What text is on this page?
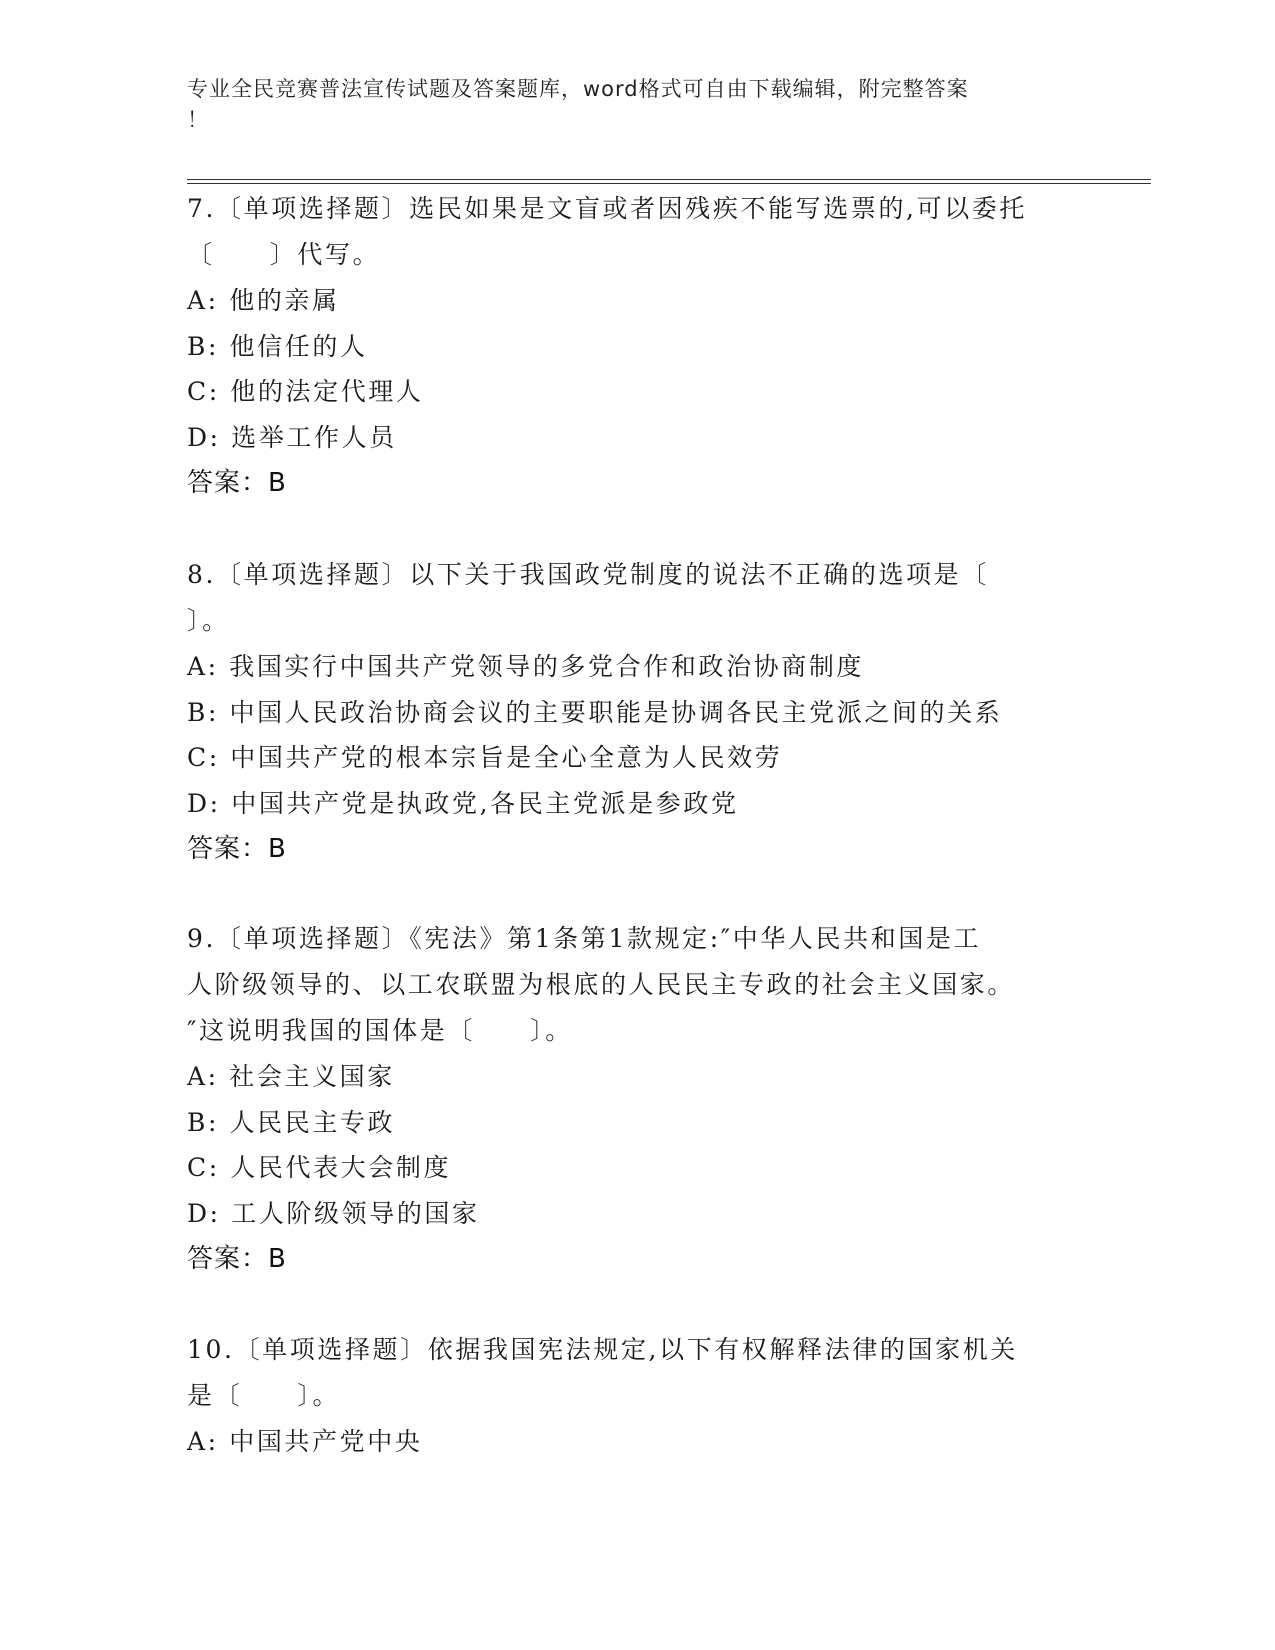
专业全民竞赛普法宣传试题及答案题库，word格式可自由下载编辑，附完整答案
！

7.〔单项选择题〕选民如果是文盲或者因残疾不能写选票的,可以委托

〔　　〕代写。

A: 他的亲属

B: 他信任的人

C: 他的法定代理人

D: 选举工作人员

答案：B

8.〔单项选择题〕以下关于我国政党制度的说法不正确的选项是〔

〕。

A: 我国实行中国共产党领导的多党合作和政治协商制度

B: 中国人民政治协商会议的主要职能是协调各民主党派之间的关系

C: 中国共产党的根本宗旨是全心全意为人民效劳

D: 中国共产党是执政党,各民主党派是参政党

答案：B

9.〔单项选择题〕《宪法》第1条第1款规定:″中华人民共和国是工

人阶级领导的、以工农联盟为根底的人民民主专政的社会主义国家。

″这说明我国的国体是〔　　〕。

A: 社会主义国家

B: 人民民主专政

C: 人民代表大会制度

D: 工人阶级领导的国家

答案：B

10.〔单项选择题〕依据我国宪法规定,以下有权解释法律的国家机关

是〔　　〕。

A: 中国共产党中央
